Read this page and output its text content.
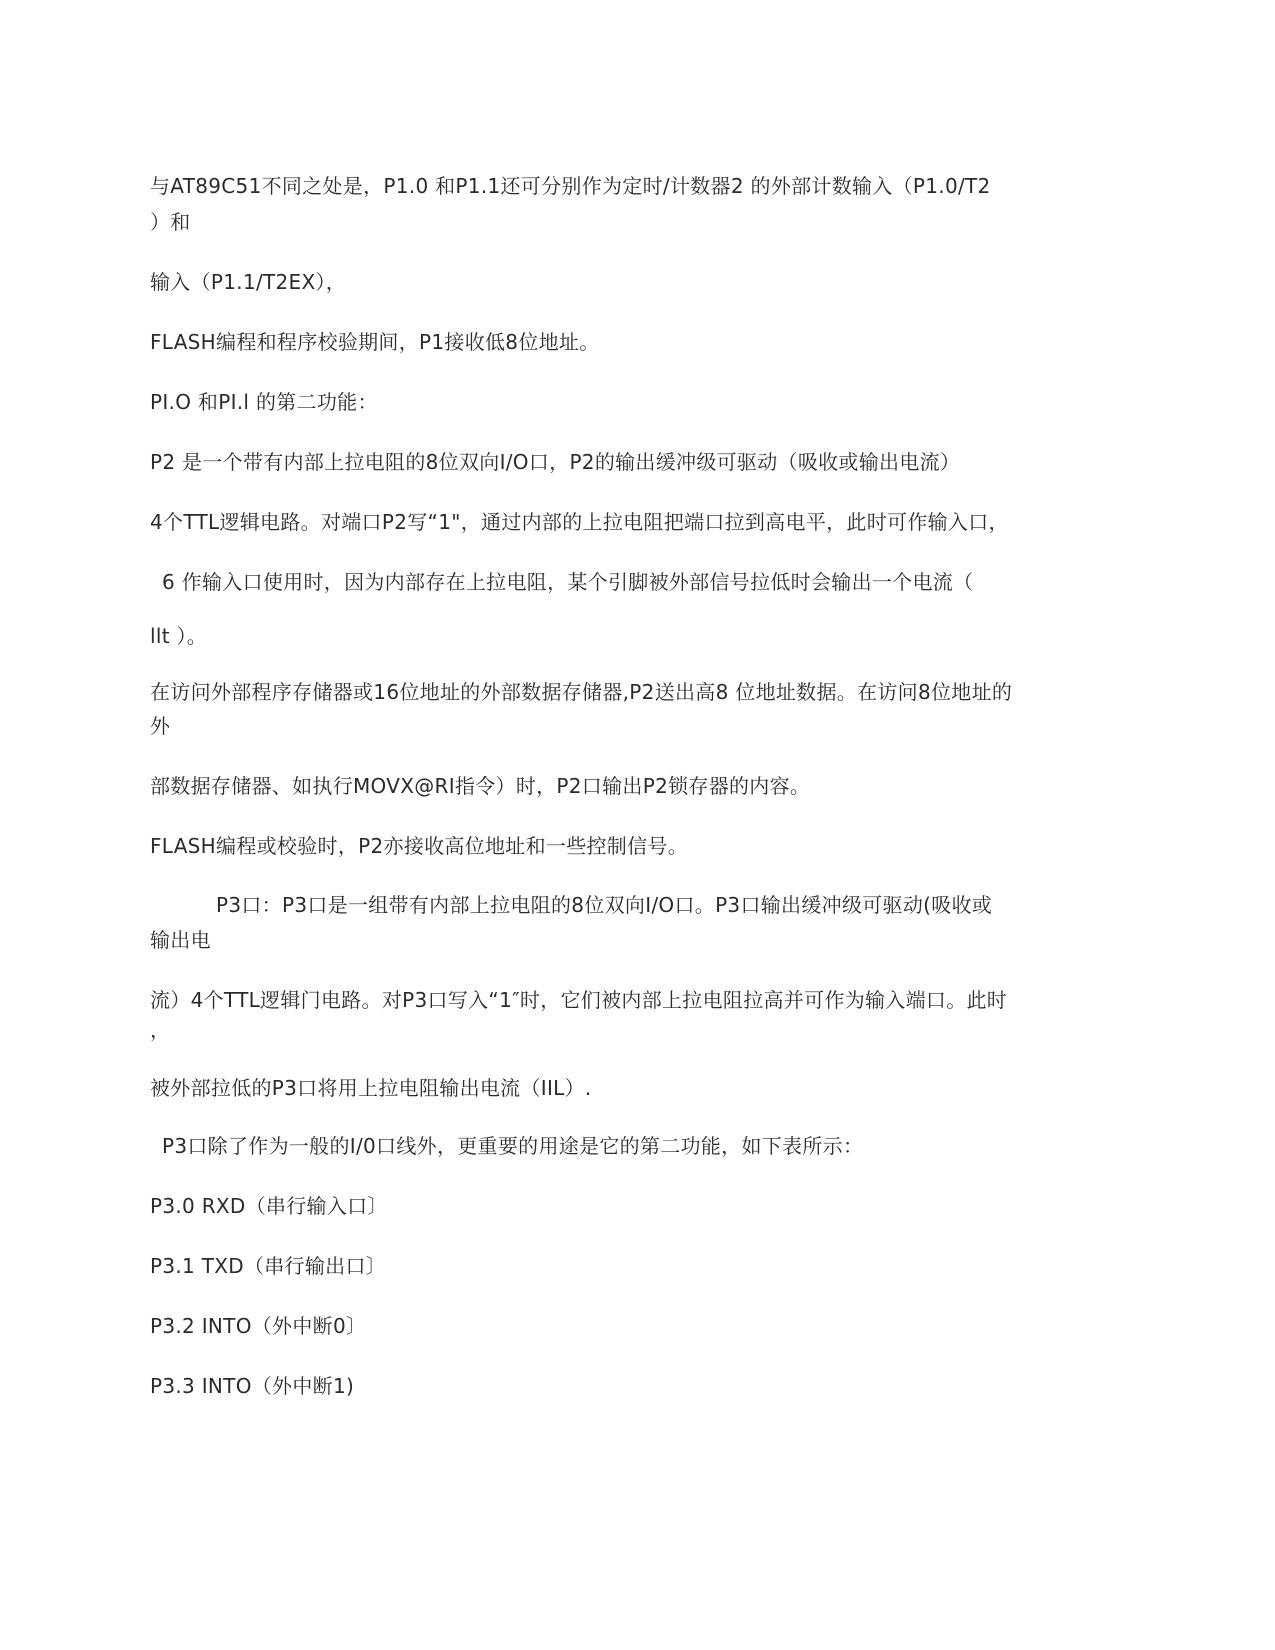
与AT89C51不同之处是，P1.0 和P1.1还可分别作为定时/计数器2 的外部计数输入（P1.0/T2
）和
输入（P1.1/T2EX），
FLASH编程和程序校验期间，P1接收低8位地址。
PI.O 和PI.l 的第二功能：
P2 是一个带有内部上拉电阻的8位双向I/O口，P2的输出缓冲级可驱动（吸收或输出电流）
4个TTL逻辑电路。对端口P2写“1"，通过内部的上拉电阻把端口拉到高电平，此时可作输入口，
6 作输入口使用时，因为内部存在上拉电阻，某个引脚被外部信号拉低时会输出一个电流（
llt ）。
在访问外部程序存储器或16位地址的外部数据存储器,P2送出高8 位地址数据。在访问8位地址的
外
部数据存储器、如执行MOVX@RI指令）时，P2口输出P2锁存器的内容。
FLASH编程或校验时，P2亦接收高位地址和一些控制信号。
P3口：P3口是一组带有内部上拉电阻的8位双向I/O口。P3口输出缓冲级可驱动(吸收或
输出电
流）4个TTL逻辑门电路。对P3口写入“1″时，它们被内部上拉电阻拉高并可作为输入端口。此时
，
被外部拉低的P3口将用上拉电阻输出电流（IIL）.
P3口除了作为一般的I/0口线外，更重要的用途是它的第二功能，如下表所示：
P3.0 RXD（串行输入口〕
P3.1 TXD（串行输出口〕
P3.2 INTO（外中断0〕
P3.3 INTO（外中断1)
